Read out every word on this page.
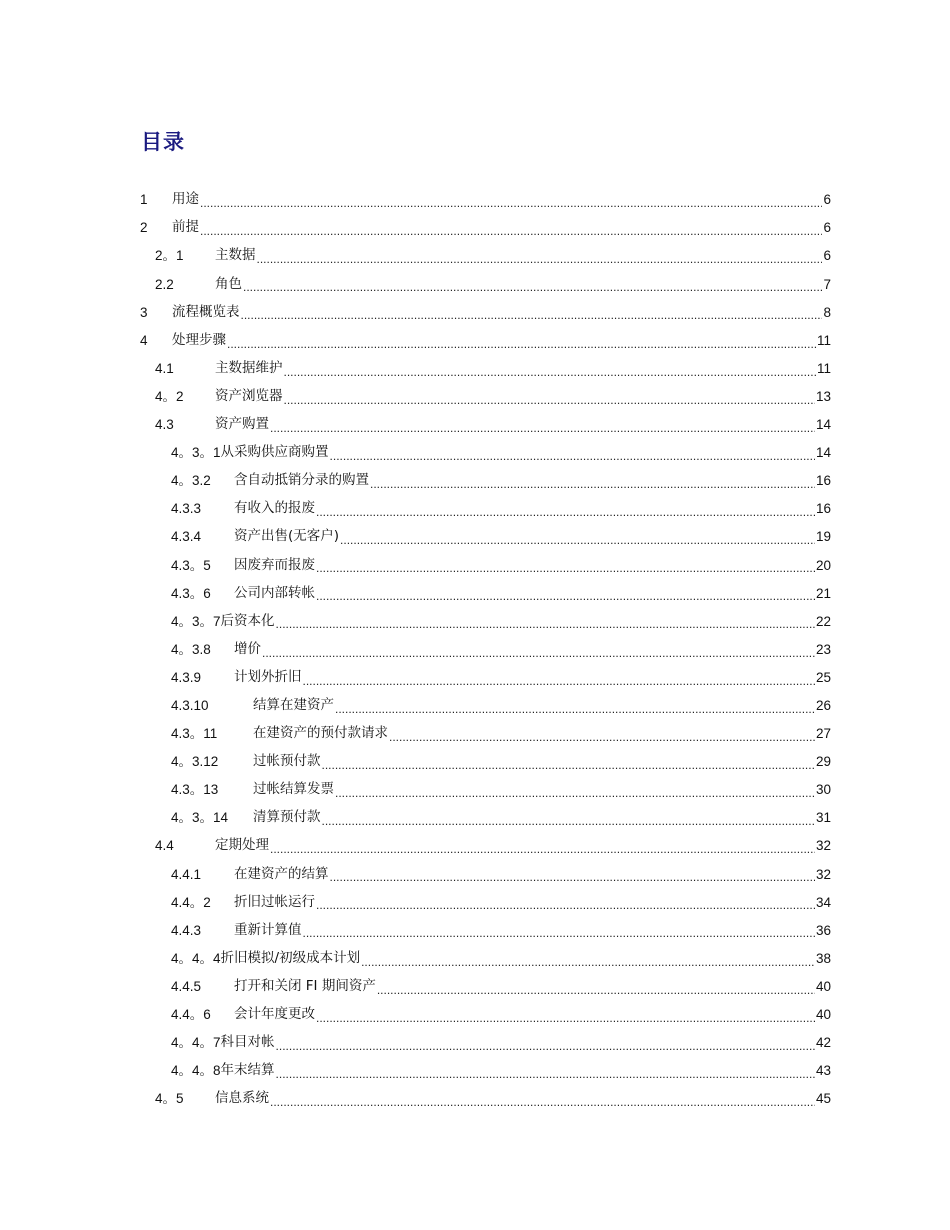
目录
1	用途 .....	6
2	前提 .....	6
2。1	主数据 .....	6
2.2	角色 .....	7
3	流程概览表 .....	8
4	处理步骤 .....	11
4.1	主数据维护 .....	11
4。2	资产浏览器 .....	13
4.3	资产购置 .....	14
4。3。1 从采购供应商购置 .....	14
4。3.2	含自动抵销分录的购置 .....	16
4.3.3	有收入的报废 .....	16
4.3.4	资产出售(无客户) .....	19
4.3。5	因废弃而报废 .....	20
4.3。6	公司内部转帐 .....	21
4。3。7 后资本化 .....	22
4。3.8	增价 .....	23
4.3.9	计划外折旧 .....	25
4.3.10	结算在建资产 .....	26
4.3。11	在建资产的预付款请求 .....	27
4。3.12	过帐预付款 .....	29
4.3。13	过帐结算发票 .....	30
4。3。14	清算预付款 .....	31
4.4	定期处理 .....	32
4.4.1	在建资产的结算 .....	32
4.4。2	折旧过帐运行 .....	34
4.4.3	重新计算值 .....	36
4。4。4 折旧模拟/初级成本计划 .....	38
4.4.5	打开和关闭 FI 期间资产 .....	40
4.4。6	会计年度更改 .....	40
4。4。7 科目对帐 .....	42
4。4。8 年末结算 .....	43
4。5	信息系统 .....	45
